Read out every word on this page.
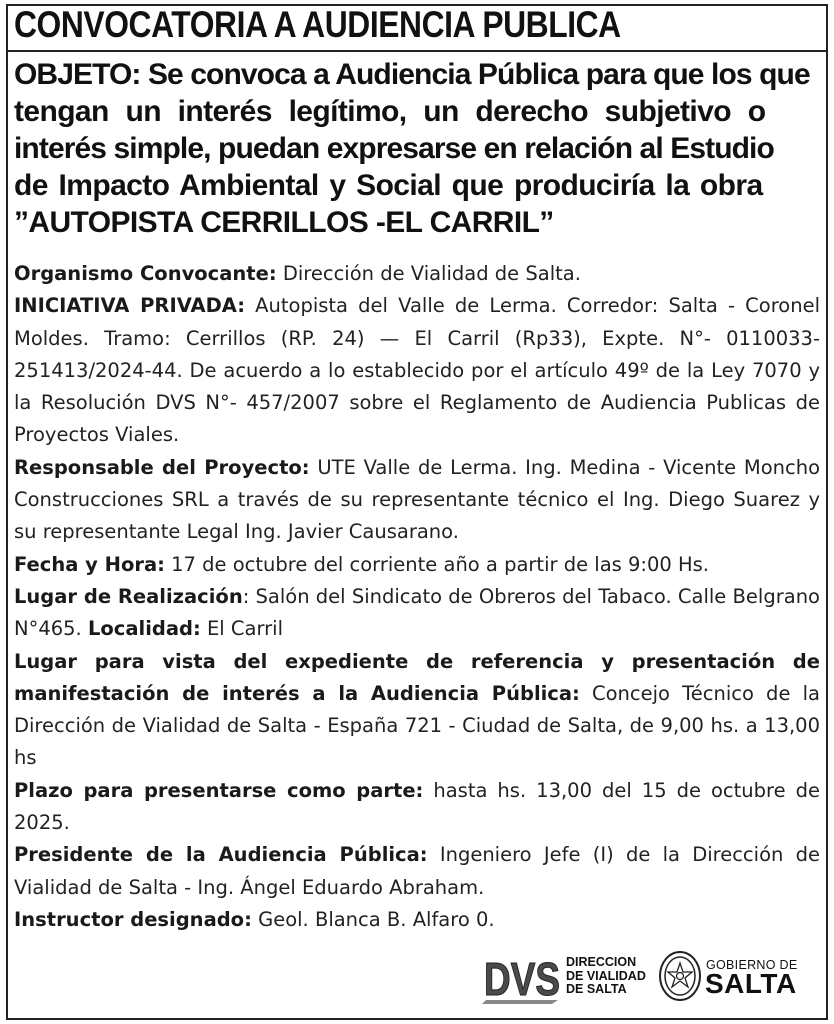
CONVOCATORIA A AUDIENCIA PUBLICA
OBJETO: Se convoca a Audiencia Pública para que los que
tengan un interés legítimo, un derecho subjetivo o
interés simple, puedan expresarse en relación al Estudio
de Impacto Ambiental y Social que produciría la obra
”AUTOPISTA CERRILLOS -EL CARRIL”

Organismo Convocante: Dirección de Vialidad de Salta.

INICIATIVA PRIVADA: Autopista del Valle de Lerma. Corredor: Salta - Coronel Moldes. Tramo: Cerrillos (RP. 24) — El Carril (Rp33), Expte. N°- 0110033- 251413/2024-44. De acuerdo a lo establecido por el artículo 49º de la Ley 7070 y la Resolución DVS N°- 457/2007 sobre el Reglamento de Audiencia Publicas de Proyectos Viales.

Responsable del Proyecto: UTE Valle de Lerma. Ing. Medina - Vicente Moncho Construcciones SRL a través de su representante técnico el Ing. Diego Suarez y su representante Legal Ing. Javier Causarano.

Fecha y Hora: 17 de octubre del corriente año a partir de las 9:00 Hs.

Lugar de Realización: Salón del Sindicato de Obreros del Tabaco. Calle Belgrano N°465. Localidad: El Carril

Lugar para vista del expediente de referencia y presentación de manifestación de interés a la Audiencia Pública: Concejo Técnico de la Dirección de Vialidad de Salta - España 721 - Ciudad de Salta, de 9,00 hs. a 13,00 hs

Plazo para presentarse como parte: hasta hs. 13,00 del 15 de octubre de 2025.

Presidente de la Audiencia Pública: Ingeniero Jefe (I) de la Dirección de Vialidad de Salta - Ing. Ángel Eduardo Abraham.

Instructor designado: Geol. Blanca B. Alfaro 0.

DVS DIRECCION
DE VIALIDAD
DE SALTA
GOBIERNO DE
SALTA
